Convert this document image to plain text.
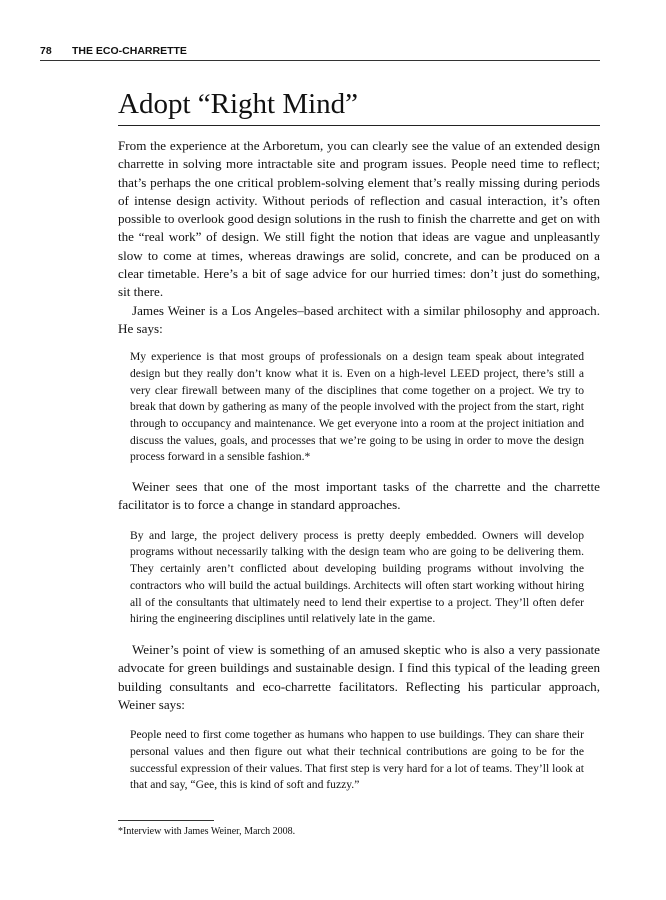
78 THE ECO-CHARRETTE
Adopt “Right Mind”

From the experience at the Arboretum, you can clearly see the value of an extended design charrette in solving more intractable site and program issues. People need time to reflect; that’s perhaps the one critical problem-solving element that’s really missing during periods of intense design activity. Without periods of reflection and casual interaction, it’s often possible to overlook good design solutions in the rush to finish the charrette and get on with the “real work” of design. We still fight the notion that ideas are vague and unpleasantly slow to come at times, whereas drawings are solid, concrete, and can be produced on a clear timetable. Here’s a bit of sage advice for our hurried times: don’t just do something, sit there.

James Weiner is a Los Angeles–based architect with a similar philosophy and approach. He says:

My experience is that most groups of professionals on a design team speak about integrated design but they really don’t know what it is. Even on a high-level LEED project, there’s still a very clear firewall between many of the disciplines that come together on a project. We try to break that down by gathering as many of the people involved with the project from the start, right through to occupancy and maintenance. We get everyone into a room at the project initiation and discuss the values, goals, and processes that we’re going to be using in order to move the design process forward in a sensible fashion.*

Weiner sees that one of the most important tasks of the charrette and the charrette facilitator is to force a change in standard approaches.

By and large, the project delivery process is pretty deeply embedded. Owners will develop programs without necessarily talking with the design team who are going to be delivering them. They certainly aren’t conflicted about developing building programs without involving the contractors who will build the actual buildings. Architects will often start working without hiring all of the consultants that ultimately need to lend their expertise to a project. They’ll often defer hiring the engineering disciplines until relatively late in the game.

Weiner’s point of view is something of an amused skeptic who is also a very passionate advocate for green buildings and sustainable design. I find this typical of the leading green building consultants and eco-charrette facilitators. Reflecting his particular approach, Weiner says:

People need to first come together as humans who happen to use buildings. They can share their personal values and then figure out what their technical contributions are going to be for the successful expression of their values. That first step is very hard for a lot of teams. They’ll look at that and say, “Gee, this is kind of soft and fuzzy.”

*Interview with James Weiner, March 2008.
